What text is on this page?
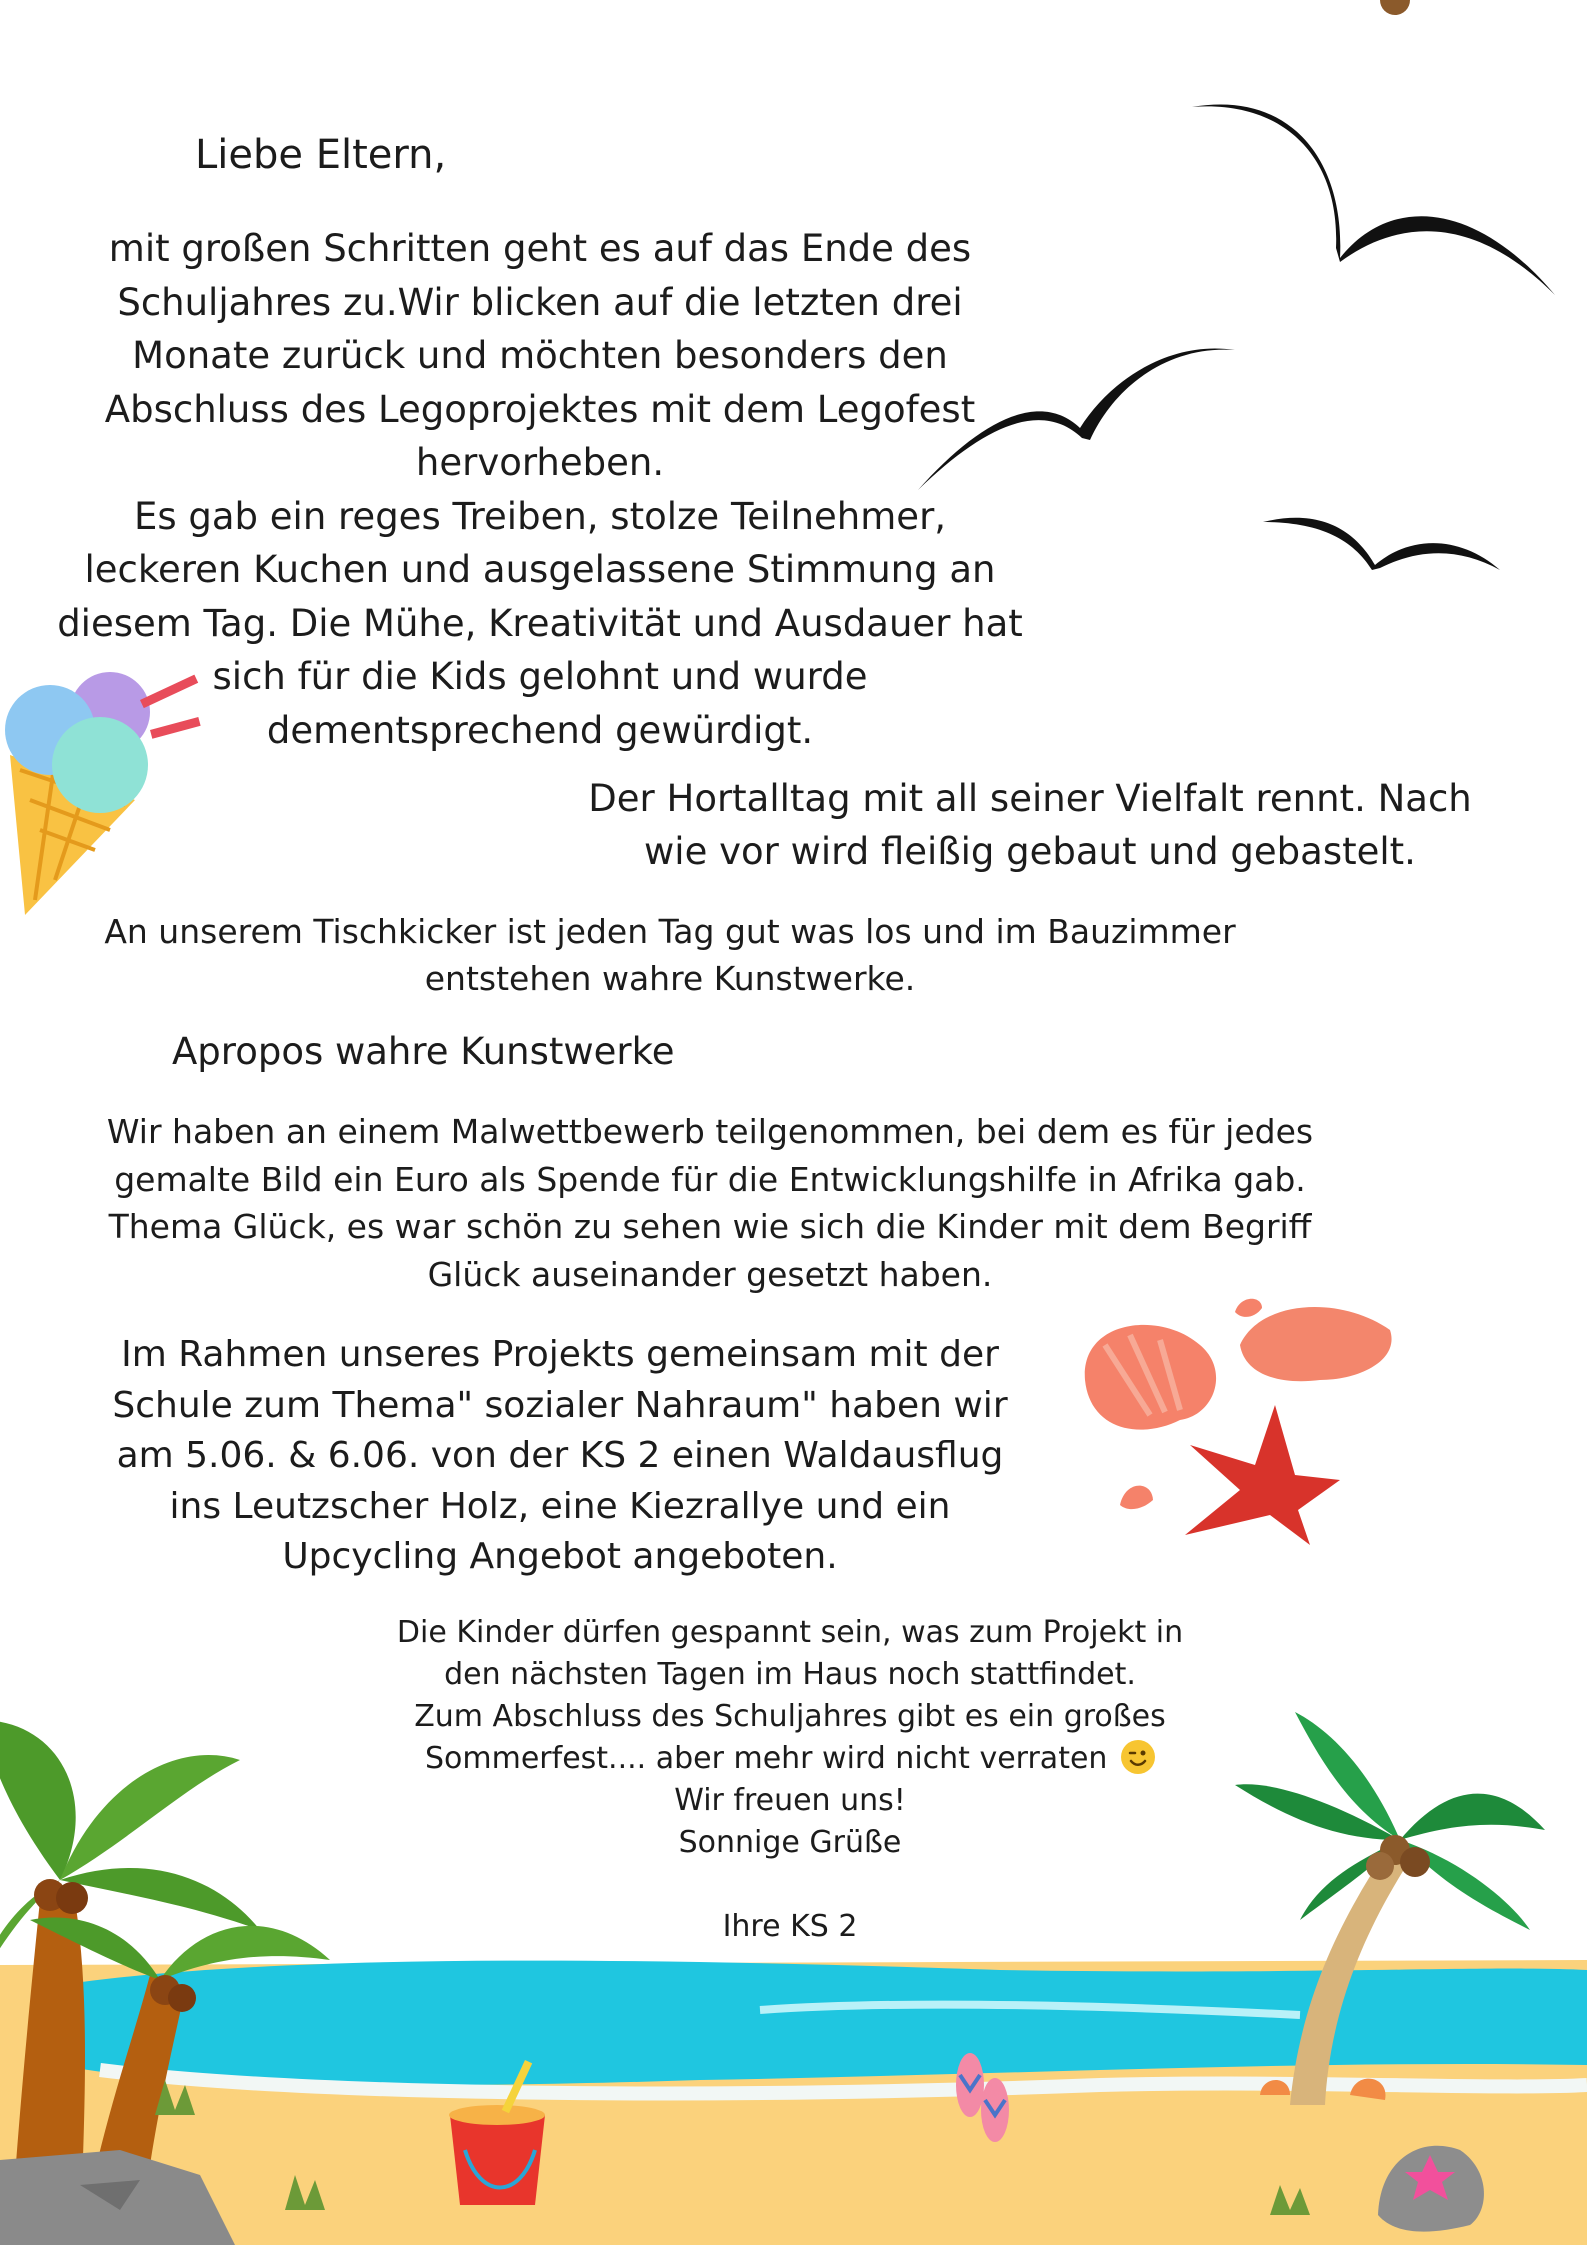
Liebe Eltern,

mit großen Schritten geht es auf das Ende des
Schuljahres zu.Wir blicken auf die letzten drei
Monate zurück und möchten besonders den
Abschluss des Legoprojektes mit dem Legofest
hervorheben.
Es gab ein reges Treiben, stolze Teilnehmer,
leckeren Kuchen und ausgelassene Stimmung an
diesem Tag. Die Mühe, Kreativität und Ausdauer hat
sich für die Kids gelohnt und wurde
dementsprechend gewürdigt.

Der Hortalltag mit all seiner Vielfalt rennt. Nach
wie vor wird fleißig gebaut und gebastelt.

An unserem Tischkicker ist jeden Tag gut was los und im Bauzimmer
entstehen wahre Kunstwerke.

Apropos wahre Kunstwerke

Wir haben an einem Malwettbewerb teilgenommen, bei dem es für jedes
gemalte Bild ein Euro als Spende für die Entwicklungshilfe in Afrika gab.
Thema Glück, es war schön zu sehen wie sich die Kinder mit dem Begriff
Glück auseinander gesetzt haben.

Im Rahmen unseres Projekts gemeinsam mit der
Schule zum Thema" sozialer Nahraum" haben wir
am 5.06. & 6.06. von der KS 2 einen Waldausflug
ins Leutzscher Holz, eine Kiezrallye und ein
Upcycling Angebot angeboten.

Die Kinder dürfen gespannt sein, was zum Projekt in
den nächsten Tagen im Haus noch stattfindet.
Zum Abschluss des Schuljahres gibt es ein großes
Sommerfest.... aber mehr wird nicht verraten
Wir freuen uns!
Sonnige Grüße

Ihre KS 2
